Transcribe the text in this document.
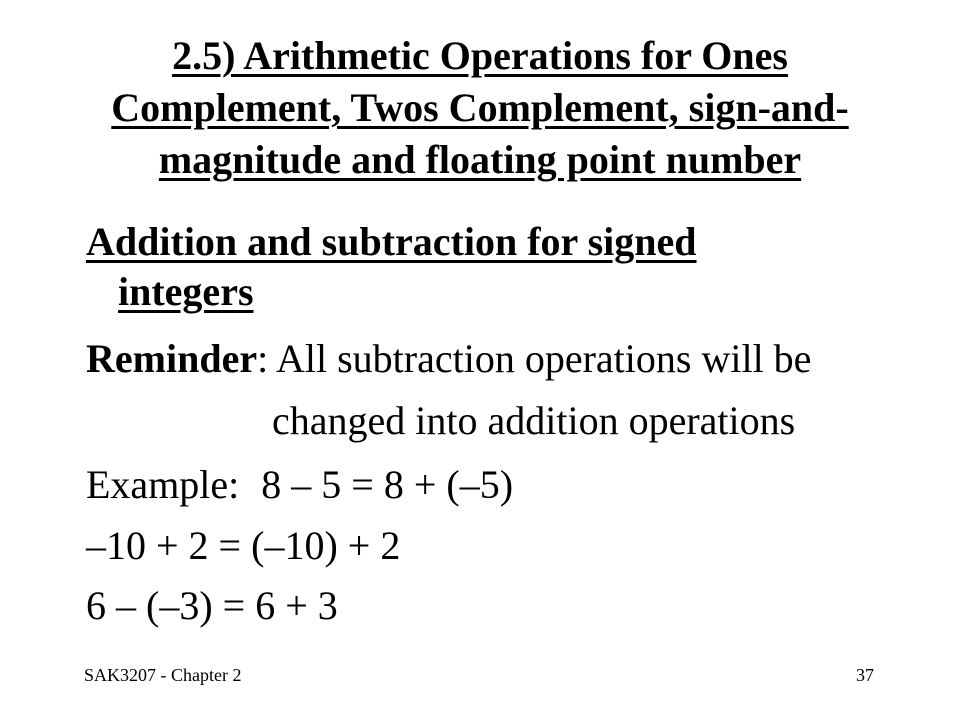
2.5) Arithmetic Operations for Ones
Complement, Twos Complement, sign-and-
magnitude and floating point number
Addition and subtraction for signed
integers
Reminder: All subtraction operations will be
changed into addition operations
Example: 8 – 5 = 8 + (–5)
–10 + 2 = (–10) + 2
6 – (–3) = 6 + 3
SAK3207 - Chapter 2	37
